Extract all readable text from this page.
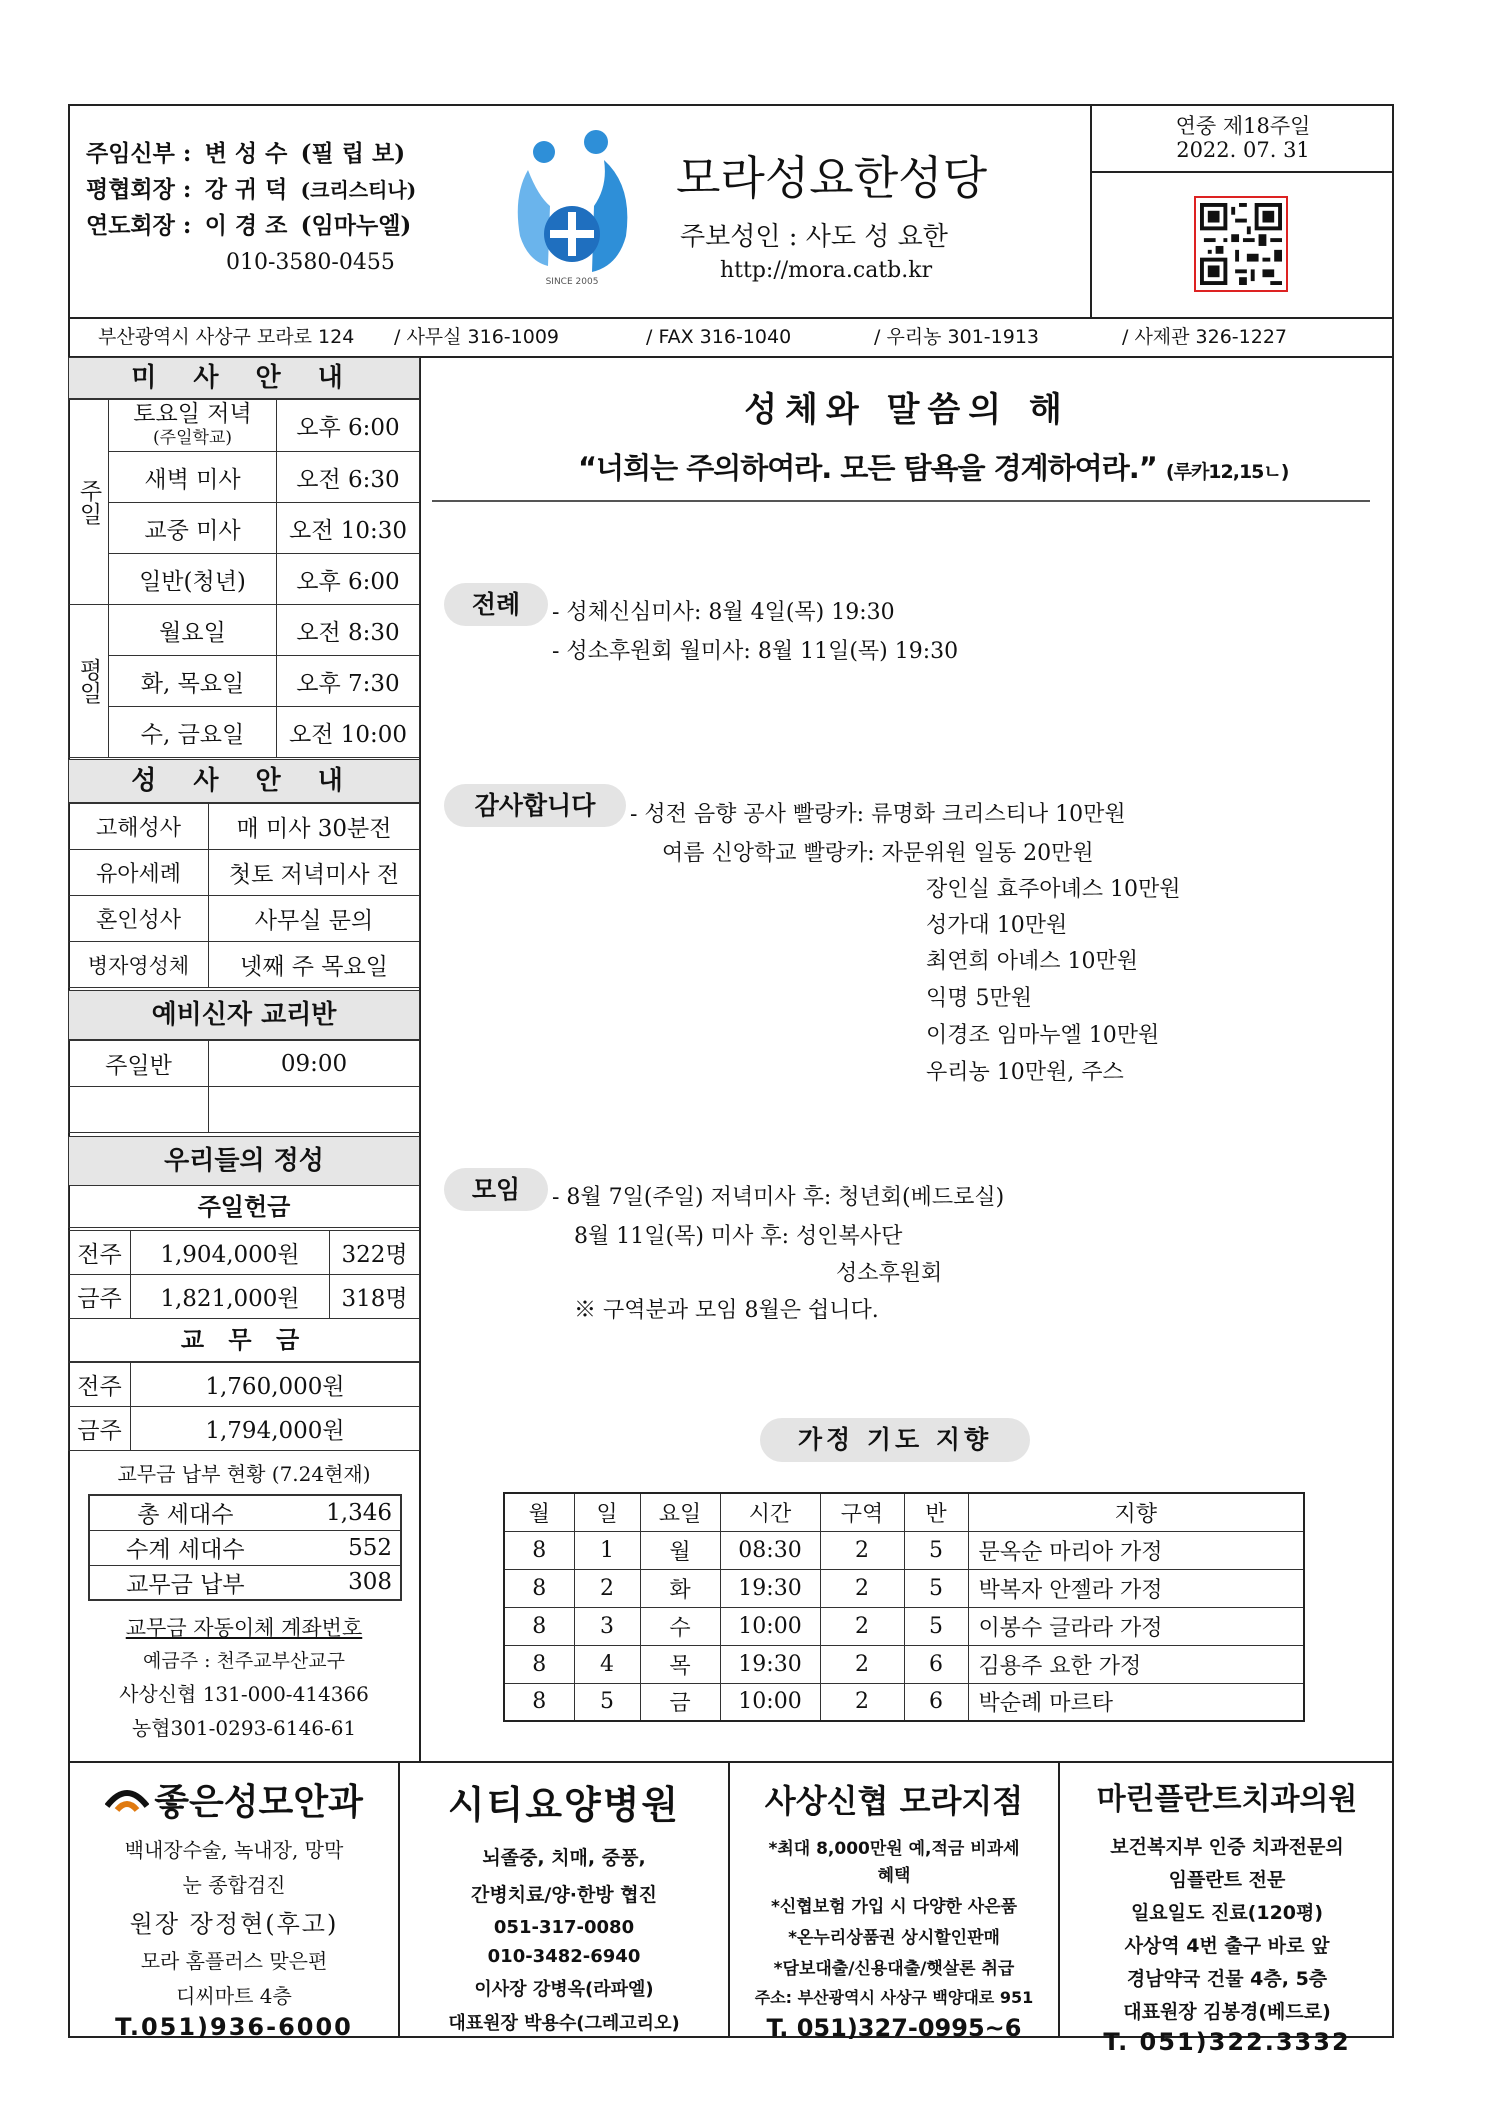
주임신부 : 변 성 수 (필 립 보)
평협회장 : 강 귀 덕 (크리스티나)
연도회장 : 이 경 조 (임마누엘)
010-3580-0455
SINCE 2005
모라성요한성당
주보성인 : 사도 성 요한
http://mora.catb.kr
연중 제18주일
2022. 07. 31
부산광역시 사상구 모라로 124 / 사무실 316-1009	/ FAX 316-1040	/ 우리농 301-1913	/ 사제관 326-1227
미 사 안 내
주일	토요일 저녁
(주일학교)	오후 6:00
	새벽 미사	오전 6:30
	교중 미사	오전 10:30
	일반(청년)	오후 6:00
평일	월요일	오전 8:30
	화, 목요일	오후 7:30
	수, 금요일	오전 10:00
성 사 안 내
고해성사	매 미사 30분전
유아세례	첫토 저녁미사 전
혼인성사	사무실 문의
병자영성체	넷째 주 목요일
예비신자 교리반
주일반	09:00

우리들의 정성
주일헌금
전주	1,904,000원	322명
금주	1,821,000원	318명
교 무 금
전주	1,760,000원
금주	1,794,000원
교무금 납부 현황 (7.24현재)
총 세대수	1,346
수계 세대수	552
교무금 납부	308
교무금 자동이체 계좌번호
예금주 : 천주교부산교구
사상신협 131-000-414366
농협301-0293-6146-61
성체와 말씀의 해
“너희는 주의하여라. 모든 탐욕을 경계하여라.” (루카12,15ㄴ)
전례	- 성체신심미사: 8월 4일(목) 19:30
- 성소후원회 월미사: 8월 11일(목) 19:30
감사합니다	- 성전 음향 공사 빨랑카: 류명화 크리스티나 10만원
여름 신앙학교 빨랑카: 자문위원 일동 20만원
장인실 효주아녜스 10만원
성가대 10만원
최연희 아녜스 10만원
익명 5만원
이경조 임마누엘 10만원
우리농 10만원, 주스
모임	- 8월 7일(주일) 저녁미사 후: 청년회(베드로실)
8월 11일(목) 미사 후: 성인복사단
성소후원회
※ 구역분과 모임 8월은 쉽니다.
가정 기도 지향
월	일	요일	시간	구역	반	지향
8	1	월	08:30	2	5	문옥순 마리아 가정
8	2	화	19:30	2	5	박복자 안젤라 가정
8	3	수	10:00	2	5	이봉수 글라라 가정
8	4	목	19:30	2	6	김용주 요한 가정
8	5	금	10:00	2	6	박순례 마르타
좋은성모안과
백내장수술, 녹내장, 망막
눈 종합검진
원장 장정현(후고)
모라 홈플러스 맞은편
디씨마트 4층
T.051)936-6000
시티요양병원
뇌졸중, 치매, 중풍,
간병치료/양·한방 협진
051-317-0080
010-3482-6940
이사장 강병옥(라파엘)
대표원장 박용수(그레고리오)
사상신협 모라지점
*최대 8,000만원 예,적금 비과세
혜택
*신협보험 가입 시 다양한 사은품
*온누리상품권 상시할인판매
*담보대출/신용대출/햇살론 취급
주소: 부산광역시 사상구 백양대로 951
T. 051)327-0995~6
마린플란트치과의원
보건복지부 인증 치과전문의
임플란트 전문
일요일도 진료(120평)
사상역 4번 출구 바로 앞
경남약국 건물 4층, 5층
대표원장 김봉경(베드로)
T. 051)322.3332
